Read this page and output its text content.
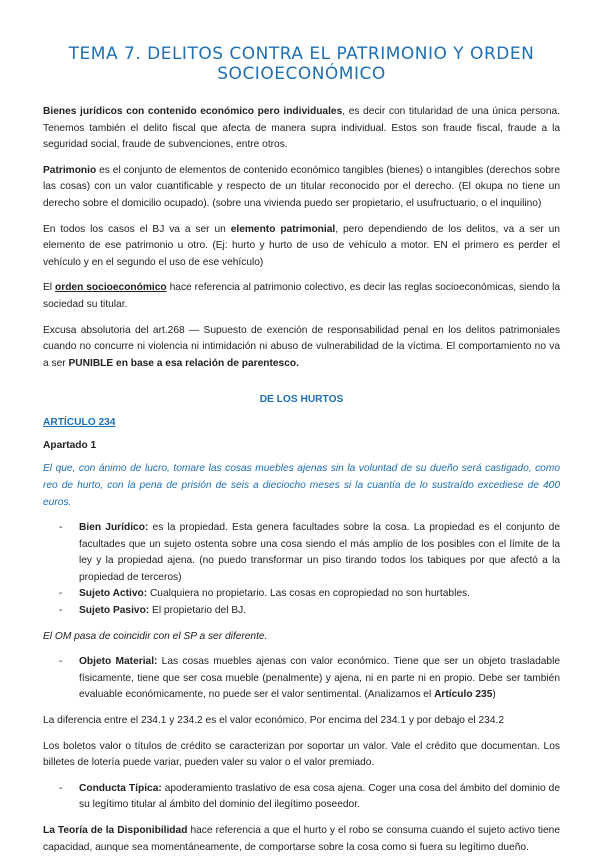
TEMA 7. DELITOS CONTRA EL PATRIMONIO Y ORDEN SOCIOECONÓMICO

Bienes jurídicos con contenido económico pero individuales, es decir con titularidad de una única persona. Tenemos también el delito fiscal que afecta de manera supra individual. Estos son fraude fiscal, fraude a la seguridad social, fraude de subvenciones, entre otros.

Patrimonio es el conjunto de elementos de contenido económico tangibles (bienes) o intangibles (derechos sobre las cosas) con un valor cuantificable y respecto de un titular reconocido por el derecho. (El okupa no tiene un derecho sobre el domicilio ocupado). (sobre una vivienda puedo ser propietario, el usufructuario, o el inquilino)

En todos los casos el BJ va a ser un elemento patrimonial, pero dependiendo de los delitos, va a ser un elemento de ese patrimonio u otro. (Ej: hurto y hurto de uso de vehículo a motor. EN el primero es perder el vehículo y en el segundo el uso de ese vehículo)

El orden socioeconómico hace referencia al patrimonio colectivo, es decir las reglas socioeconómicas, siendo la sociedad su titular.

Excusa absolutoria del art.268 — Supuesto de exención de responsabilidad penal en los delitos patrimoniales cuando no concurre ni violencia ni intimidación ni abuso de vulnerabilidad de la víctima. El comportamiento no va a ser PUNIBLE en base a esa relación de parentesco.

DE LOS HURTOS
ARTÍCULO 234
Apartado 1

El que, con ánimo de lucro, tomare las cosas muebles ajenas sin la voluntad de su dueño será castigado, como reo de hurto, con la pena de prisión de seis a dieciocho meses si la cuantía de lo sustraído excediese de 400 euros.

- Bien Jurídico: es la propiedad. Esta genera facultades sobre la cosa. La propiedad es el conjunto de facultades que un sujeto ostenta sobre una cosa siendo el más amplio de los posibles con el límite de la ley y la propiedad ajena. (no puedo transformar un piso tirando todos los tabiques por que afectó a la propiedad de terceros)
- Sujeto Activo: Cualquiera no propietario. Las cosas en copropiedad no son hurtables.
- Sujeto Pasivo: El propietario del BJ.

El OM pasa de coincidir con el SP a ser diferente.

- Objeto Material: Las cosas muebles ajenas con valor económico. Tiene que ser un objeto trasladable físicamente, tiene que ser cosa mueble (penalmente) y ajena, ni en parte ni en propio. Debe ser también evaluable económicamente, no puede ser el valor sentimental. (Analizamos el Artículo 235)

La diferencia entre el 234.1 y 234.2 es el valor económico. Por encima del 234.1 y por debajo el 234.2

Los boletos valor o títulos de crédito se caracterizan por soportar un valor. Vale el crédito que documentan. Los billetes de lotería puede variar, pueden valer su valor o el valor premiado.

- Conducta Típica: apoderamiento traslativo de esa cosa ajena. Coger una cosa del ámbito del dominio de su legítimo titular al ámbito del dominio del ilegítimo poseedor.

La Teoría de la Disponibilidad hace referencia a que el hurto y el robo se consuma cuando el sujeto activo tiene capacidad, aunque sea momentáneamente, de comportarse sobre la cosa como si fuera su legítimo dueño.
